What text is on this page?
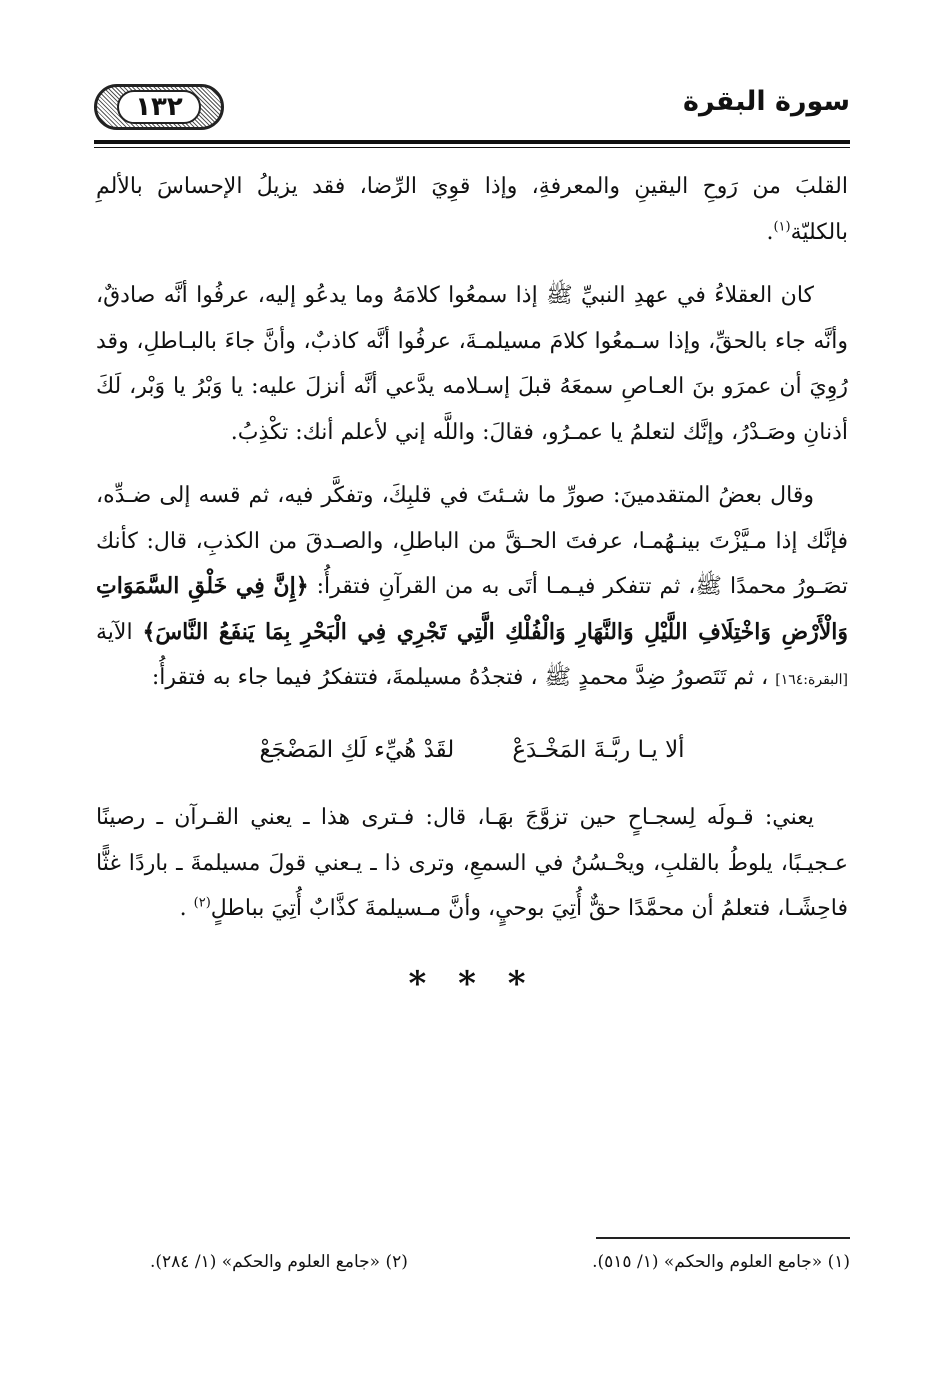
١٣٢	سورة البقرة

القلبَ من رَوحِ اليقينِ والمعرفةِ، وإذا قوِيَ الرِّضا، فقد يزيلُ الإحساسَ بالألمِ بالكليّة$^{(١)}$.

كان العقلاءُ في عهدِ النبيِّ ﷺ إذا سمعُوا كلامَهُ وما يدعُو إليه، عرفُوا أنَّه صادقٌ، وأنَّه جاء بالحقِّ، وإذا سـمعُوا كلامَ مسيلمـةَ، عرفُوا أنَّه كاذبٌ، وأنَّ جاءَ بالبـاطلِ، وقد رُوِيَ أن عمرَو بنَ العـاصِ سمعَهُ قبلَ إسـلامه يدَّعي أنَّه أنزلَ عليه: يا وَبْرُ يا وَبْر، لَكَ أذنانِ وصَـدْرُ، وإنَّك لتعلمُ يا عمـرُو، فقالَ: واللَّه إني لأعلم أنك: تكْذِبُ.

وقال بعضُ المتقدمينَ: صورِّ ما شـئتَ في قلبِكَ، وتفكَّر فيه، ثم قسه إلى ضـدِّه، فإنَّك إذا مـيَّزْتَ بينـهُمـا، عرفتَ الحـقَّ من الباطلِ، والصـدقَ من الكذبِ، قال: كأنك تصَـورُ محمدًا ﷺ، ثم تتفكر فيـمـا أتَى به من القرآنِ فتقرأُ: ﴿إِنَّ فِي خَلْقِ السَّمَوَاتِ وَالْأَرْضِ وَاخْتِلَافِ اللَّيْلِ وَالنَّهَارِ وَالْفُلْكِ الَّتِي تَجْرِي فِي الْبَحْرِ بِمَا يَنفَعُ النَّاسَ﴾ الآية [البقرة:١٦٤] ، ثم تَتَصورُ ضِدَّ محمدٍ ﷺ ، فتجدُهُ مسيلمةَ، فتتفكرُ فيما جاء به فتقرأُ:

ألا يـا ربَّـةَ المَخْـدَعْ
لقَدْ هُيِّء لَكِ المَضْجَعْ

يعني: قـولَه لِسجـاحٍ حين تزوَّجَ بهَـا، قال: فـترى هذا ـ يعني القـرآن ـ رصينًا عـجيـبًا، يلوطُ بالقلبِ، ويحْـسُنُ في السمعِ، وترى ذا ـ يـعني قولَ مسيلمةَ ـ باردًا غثًّا فاحِشًـا، فتعلمُ أن محمَّدًا حقٌّ أُتِيَ بوحيٍ، وأنَّ مـسيلمةَ كذَّابٌ أُتِيَ بباطلٍ$^{(٢)}$ .

* * *
(١) «جامع العلوم والحكم» (١/ ٥١٥).
(٢) «جامع العلوم والحكم» (١/ ٢٨٤).
